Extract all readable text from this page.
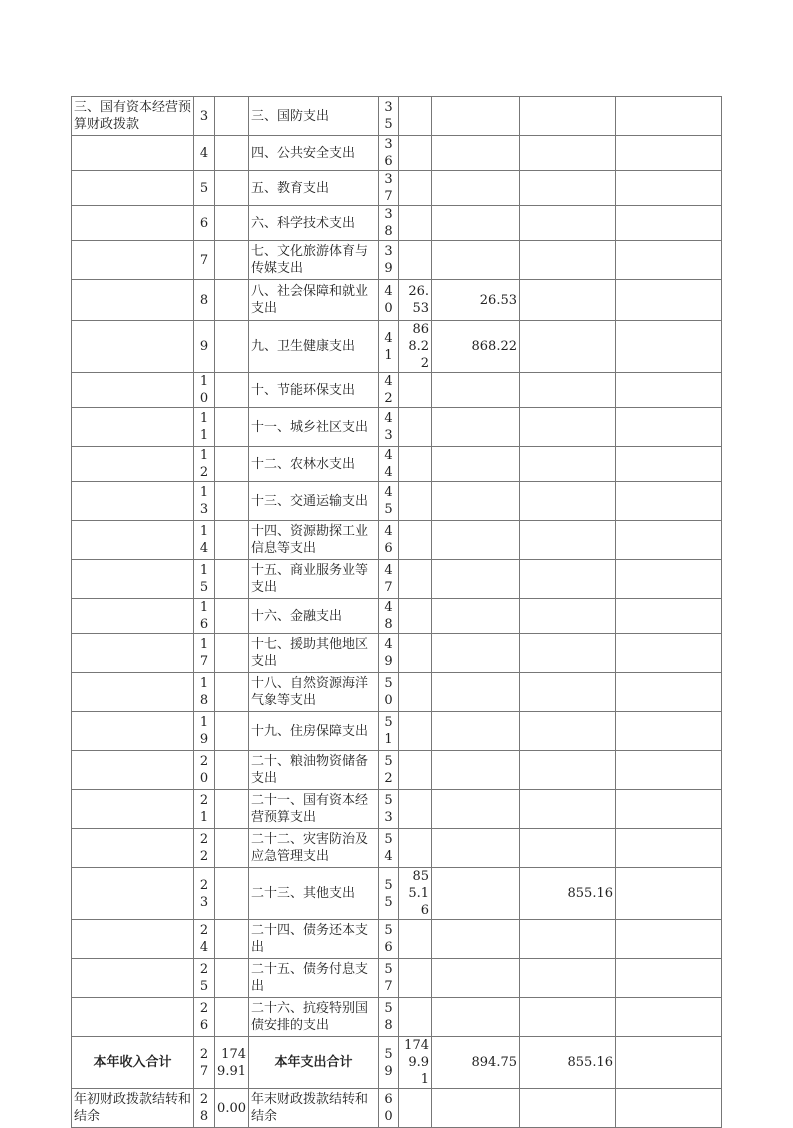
三、国有资本经营预算财政拨款	3		三、国防支出	35				
	4		四、公共安全支出	36				
	5		五、教育支出	37				
	6		六、科学技术支出	38				
	7		七、文化旅游体育与传媒支出	39				
	8		八、社会保障和就业支出	40	26.53	26.53		
	9		九、卫生健康支出	41	868.22	868.22		
	10		十、节能环保支出	42				
	11		十一、城乡社区支出	43				
	12		十二、农林水支出	44				
	13		十三、交通运输支出	45				
	14		十四、资源勘探工业信息等支出	46				
	15		十五、商业服务业等支出	47				
	16		十六、金融支出	48				
	17		十七、援助其他地区支出	49				
	18		十八、自然资源海洋气象等支出	50				
	19		十九、住房保障支出	51				
	20		二十、粮油物资储备支出	52				
	21		二十一、国有资本经营预算支出	53				
	22		二十二、灾害防治及应急管理支出	54				
	23		二十三、其他支出	55	855.16		855.16	
	24		二十四、债务还本支出	56				
	25		二十五、债务付息支出	57				
	26		二十六、抗疫特别国债安排的支出	58				
本年收入合计	27	1749.91	本年支出合计	59	1749.91	894.75	855.16	
年初财政拨款结转和结余	28	0.00	年末财政拨款结转和结余	60				
